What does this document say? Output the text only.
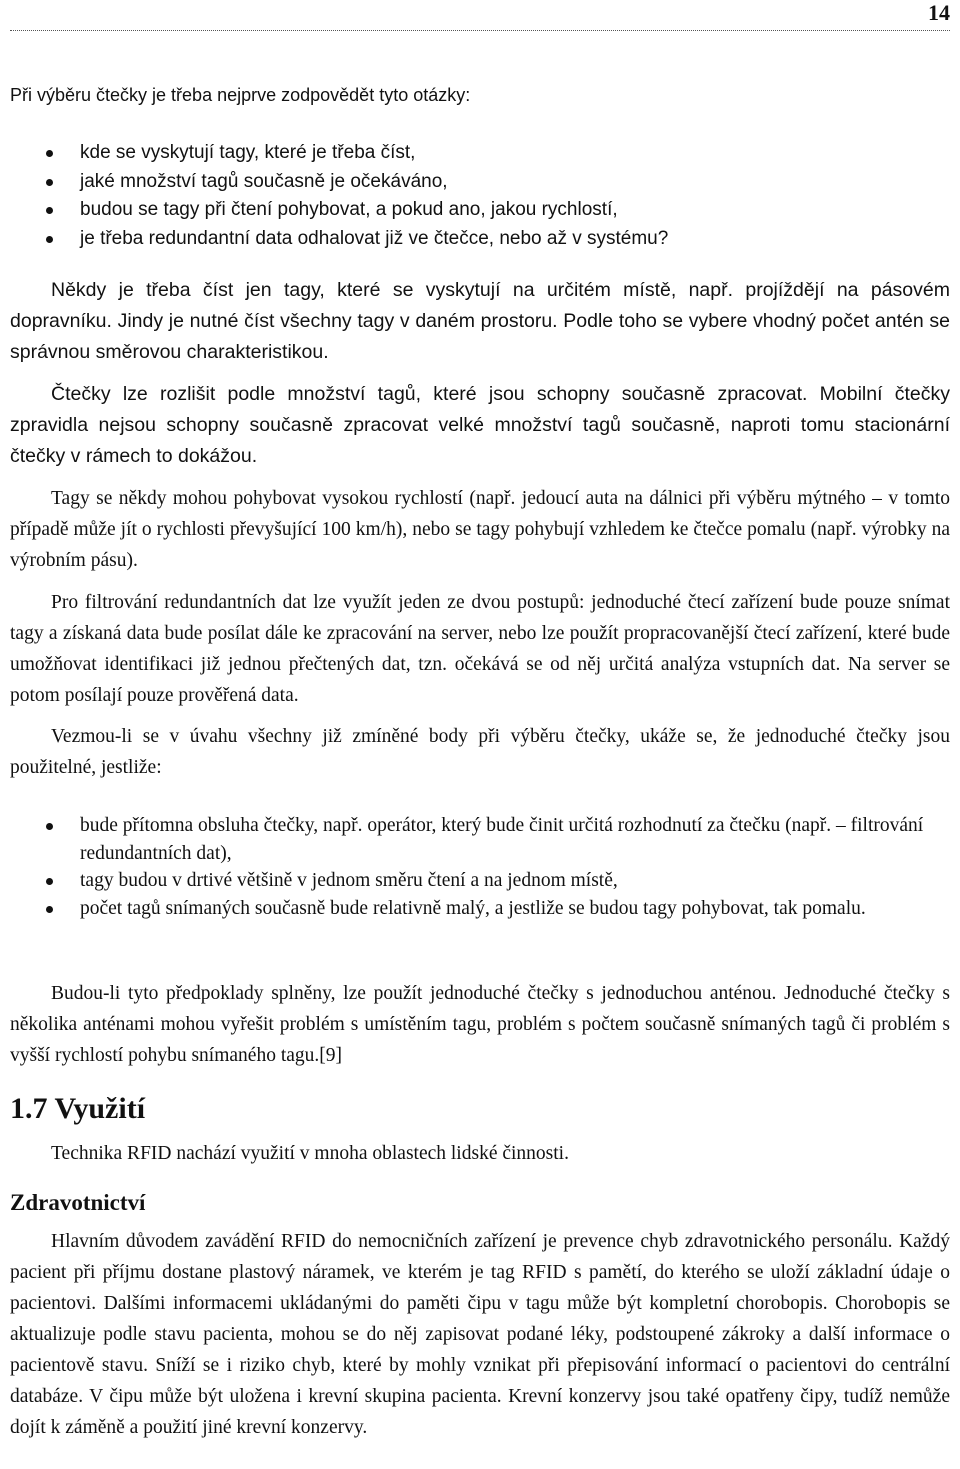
14

Při výběru čtečky je třeba nejprve zodpovědět tyto otázky:

kde se vyskytují tagy, které je třeba číst,
jaké množství tagů současně je očekáváno,
budou se tagy při čtení pohybovat, a pokud ano, jakou rychlostí,
je třeba redundantní data odhalovat již ve čtečce, nebo až v systému?

Někdy je třeba číst jen tagy, které se vyskytují na určitém místě, např. projíždějí na pásovém dopravníku. Jindy je nutné číst všechny tagy v daném prostoru. Podle toho se vybere vhodný počet antén se správnou směrovou charakteristikou.

Čtečky lze rozlišit podle množství tagů, které jsou schopny současně zpracovat. Mobilní čtečky zpravidla nejsou schopny současně zpracovat velké množství tagů současně, naproti tomu stacionární čtečky v rámech to dokážou.

Tagy se někdy mohou pohybovat vysokou rychlostí (např. jedoucí auta na dálnici při výběru mýtného – v tomto případě může jít o rychlosti převyšující 100 km/h), nebo se tagy pohybují vzhledem ke čtečce pomalu (např. výrobky na výrobním pásu).

Pro filtrování redundantních dat lze využít jeden ze dvou postupů: jednoduché čtecí zařízení bude pouze snímat tagy a získaná data bude posílat dále ke zpracování na server, nebo lze použít propracovanější čtecí zařízení, které bude umožňovat identifikaci již jednou přečtených dat, tzn. očekává se od něj určitá analýza vstupních dat. Na server se potom posílají pouze prověřená data.

Vezmou-li se v úvahu všechny již zmíněné body při výběru čtečky, ukáže se, že jednoduché čtečky jsou použitelné, jestliže:

bude přítomna obsluha čtečky, např. operátor, který bude činit určitá rozhodnutí za čtečku (např. – filtrování redundantních dat),
tagy budou v drtivé většině v jednom směru čtení a na jednom místě,
počet tagů snímaných současně bude relativně malý, a jestliže se budou tagy pohybovat, tak pomalu.

Budou-li tyto předpoklady splněny, lze použít jednoduché čtečky s jednoduchou anténou. Jednoduché čtečky s několika anténami mohou vyřešit problém s umístěním tagu, problém s počtem současně snímaných tagů či problém s vyšší rychlostí pohybu snímaného tagu.[9]

1.7 Využití

Technika RFID nachází využití v mnoha oblastech lidské činnosti.

Zdravotnictví

Hlavním důvodem zavádění RFID do nemocničních zařízení je prevence chyb zdravotnického personálu. Každý pacient při příjmu dostane plastový náramek, ve kterém je tag RFID s pamětí, do kterého se uloží základní údaje o pacientovi. Dalšími informacemi ukládanými do paměti čipu v tagu může být kompletní chorobopis. Chorobopis se aktualizuje podle stavu pacienta, mohou se do něj zapisovat podané léky, podstoupené zákroky a další informace o pacientově stavu. Sníží se i riziko chyb, které by mohly vznikat při přepisování informací o pacientovi do centrální databáze. V čipu může být uložena i krevní skupina pacienta. Krevní konzervy jsou také opatřeny čipy, tudíž nemůže dojít k záměně a použití jiné krevní konzervy.
